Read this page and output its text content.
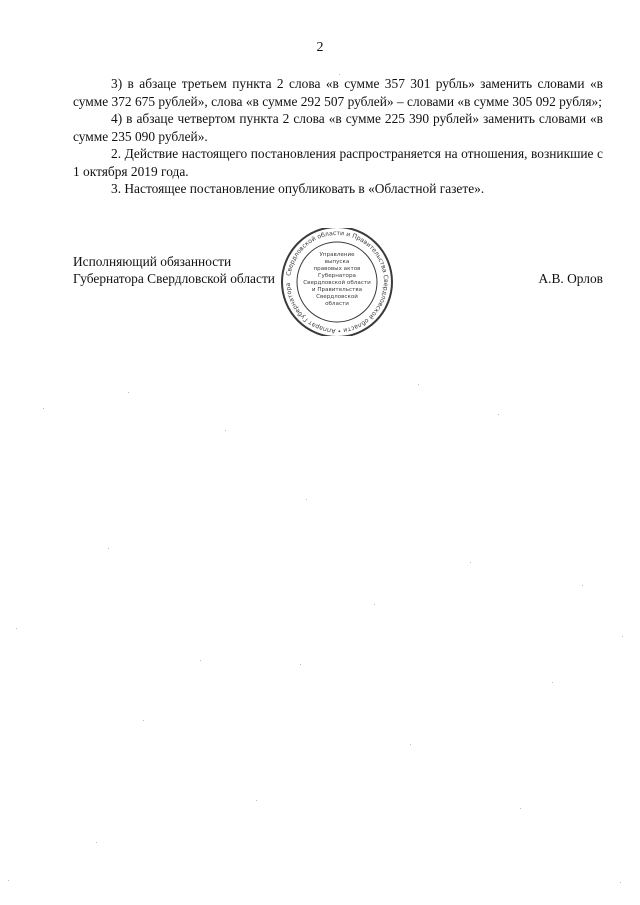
2

3) в абзаце третьем пункта 2 слова «в сумме 357 301 рубль» заменить словами «в сумме 372 675 рублей», слова «в сумме 292 507 рублей» – словами «в сумме 305 092 рубля»;

4) в абзаце четвертом пункта 2 слова «в сумме 225 390 рублей» заменить словами «в сумме 235 090 рублей».

2. Действие настоящего постановления распространяется на отношения, возникшие с 1 октября 2019 года.

3. Настоящее постановление опубликовать в «Областной газете».

Исполняющий обязанности
Губернатора Свердловской области	А.В. Орлов
Свердловской области и Правительства Свердловской области • Аппарат Губернатора
Управление
выпуска
правовых актов
Губернатора
Свердловской области
и Правительства
Свердловской
области
